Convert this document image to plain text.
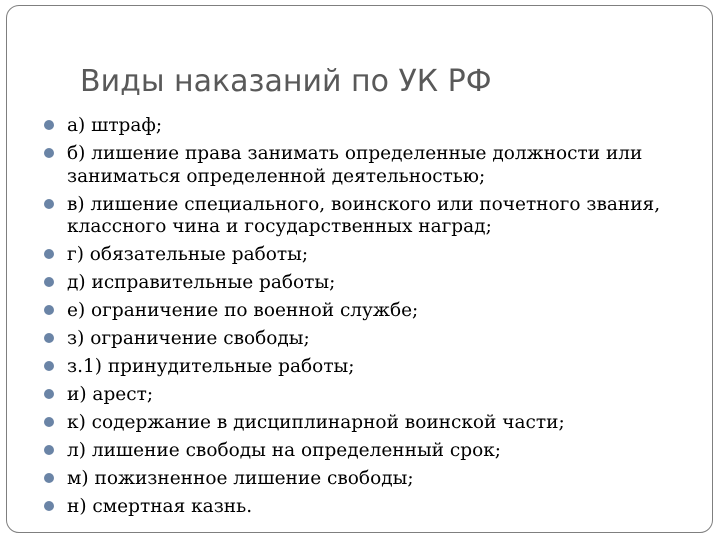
Виды наказаний по УК РФ
а) штраф;
б) лишение права занимать определенные должности или заниматься определенной деятельностью;
в) лишение специального, воинского или почетного звания, классного чина и государственных наград;
г) обязательные работы;
д) исправительные работы;
е) ограничение по военной службе;
з) ограничение свободы;
з.1) принудительные работы;
и) арест;
к) содержание в дисциплинарной воинской части;
л) лишение свободы на определенный срок;
м) пожизненное лишение свободы;
н) смертная казнь.
